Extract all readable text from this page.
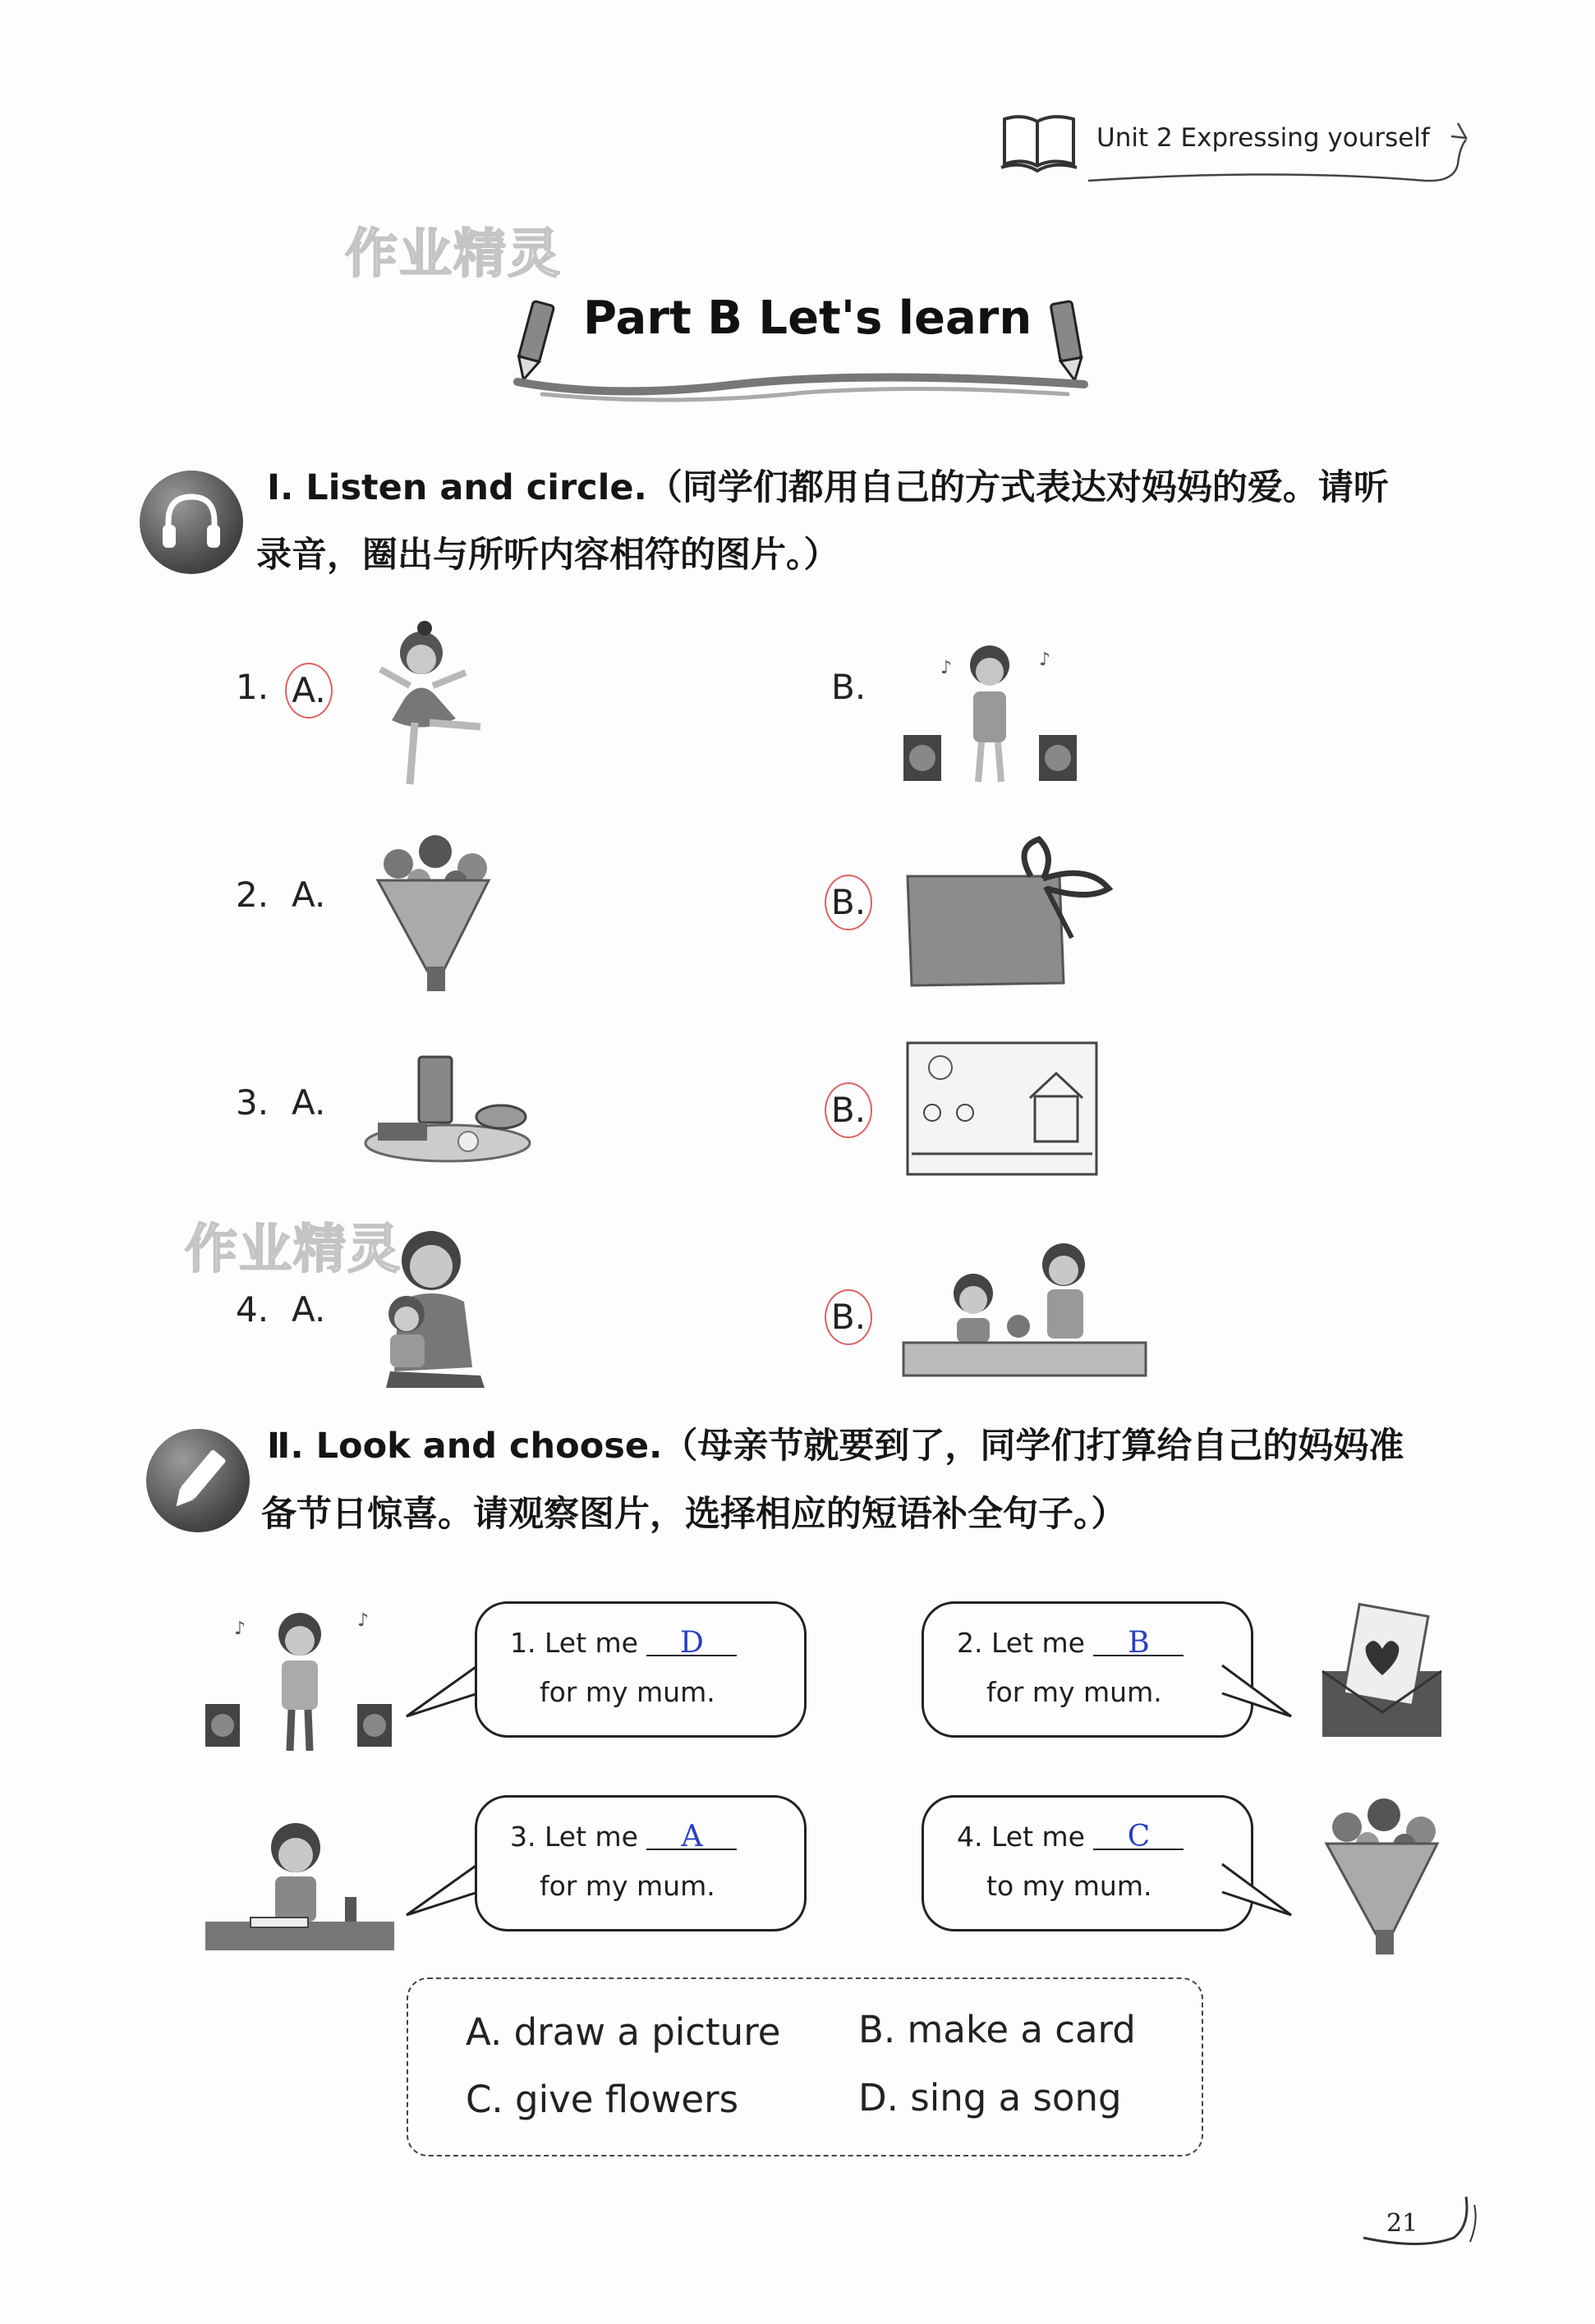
Unit 2 Expressing yourself
作业精灵
作业精灵
Part B Let's learn
Ⅰ. Listen and circle.（同学们都用自己的方式表达对妈妈的爱。请听
录音，圈出与所听内容相符的图片。）
1. A.	B.	♪	♪
2. A.	B.
3. A.	B.
4. A.	B.
Ⅱ. Look and choose.（母亲节就要到了，同学们打算给自己的妈妈准
备节日惊喜。请观察图片，选择相应的短语补全句子。）
♪	♪
1. Let me D
for my mum.
2. Let me B
for my mum.
3. Let me A
for my mum.
4. Let me C
to my mum.
A. draw a picture B. make a card
C. give flowers	D. sing a song
21
